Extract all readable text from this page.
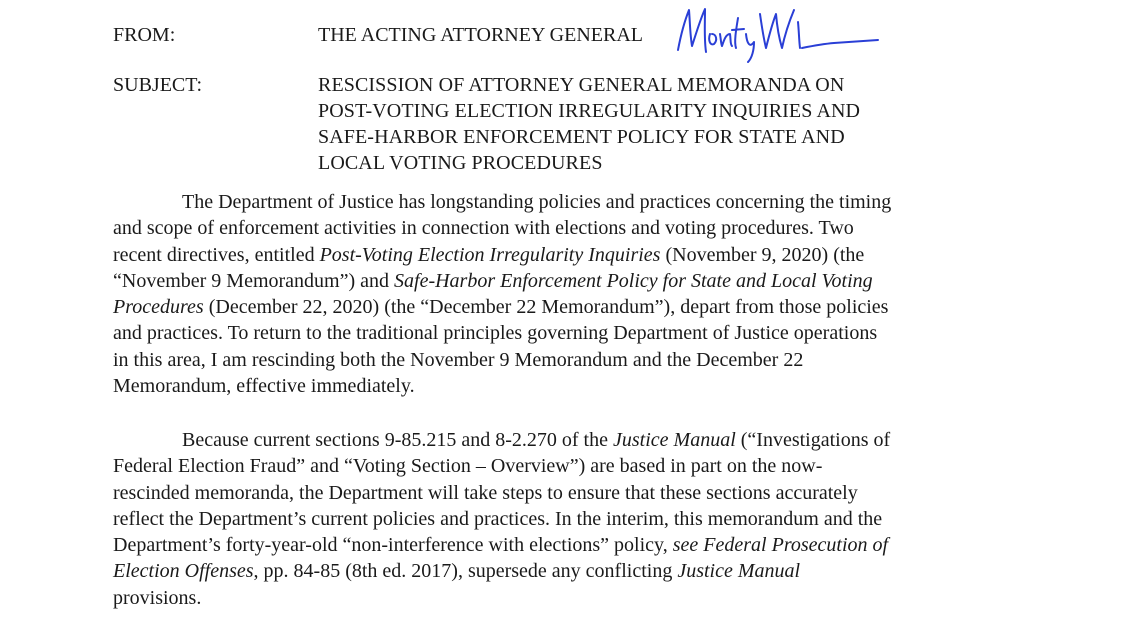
FROM:	THE ACTING ATTORNEY GENERAL
Monty Wilkinson
SUBJECT:	RESCISSION OF ATTORNEY GENERAL MEMORANDA ON
POST-VOTING ELECTION IRREGULARITY INQUIRIES AND
SAFE-HARBOR ENFORCEMENT POLICY FOR STATE AND
LOCAL VOTING PROCEDURES
The Department of Justice has longstanding policies and practices concerning the timing
and scope of enforcement activities in connection with elections and voting procedures. Two
recent directives, entitled Post-Voting Election Irregularity Inquiries (November 9, 2020) (the
“November 9 Memorandum”) and Safe-Harbor Enforcement Policy for State and Local Voting
Procedures (December 22, 2020) (the “December 22 Memorandum”), depart from those policies
and practices. To return to the traditional principles governing Department of Justice operations
in this area, I am rescinding both the November 9 Memorandum and the December 22
Memorandum, effective immediately.
Because current sections 9-85.215 and 8-2.270 of the Justice Manual (“Investigations of
Federal Election Fraud” and “Voting Section – Overview”) are based in part on the now-
rescinded memoranda, the Department will take steps to ensure that these sections accurately
reflect the Department’s current policies and practices. In the interim, this memorandum and the
Department’s forty-year-old “non-interference with elections” policy, see Federal Prosecution of
Election Offenses, pp. 84-85 (8th ed. 2017), supersede any conflicting Justice Manual
provisions.
